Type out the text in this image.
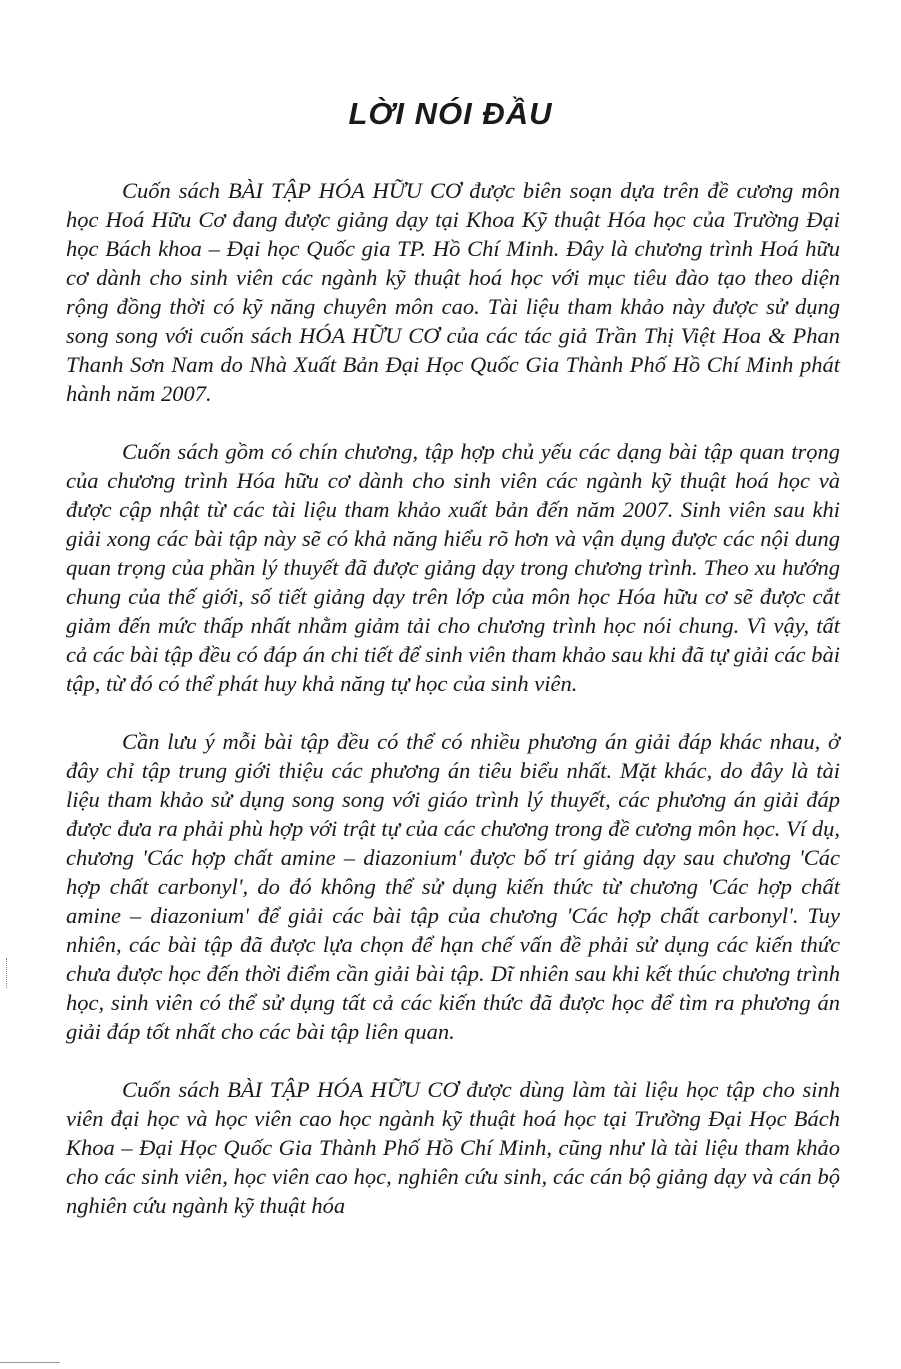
LỜI NÓI ĐẦU

Cuốn sách BÀI TẬP HÓA HỮU CƠ được biên soạn dựa trên đề cương môn học Hoá Hữu Cơ đang được giảng dạy tại Khoa Kỹ thuật Hóa học của Trường Đại học Bách khoa – Đại học Quốc gia TP. Hồ Chí Minh. Đây là chương trình Hoá hữu cơ dành cho sinh viên các ngành kỹ thuật hoá học với mục tiêu đào tạo theo diện rộng đồng thời có kỹ năng chuyên môn cao. Tài liệu tham khảo này được sử dụng song song với cuốn sách HÓA HỮU CƠ của các tác giả Trần Thị Việt Hoa & Phan Thanh Sơn Nam do Nhà Xuất Bản Đại Học Quốc Gia Thành Phố Hồ Chí Minh phát hành năm 2007.

Cuốn sách gồm có chín chương, tập hợp chủ yếu các dạng bài tập quan trọng của chương trình Hóa hữu cơ dành cho sinh viên các ngành kỹ thuật hoá học và được cập nhật từ các tài liệu tham khảo xuất bản đến năm 2007. Sinh viên sau khi giải xong các bài tập này sẽ có khả năng hiểu rõ hơn và vận dụng được các nội dung quan trọng của phần lý thuyết đã được giảng dạy trong chương trình. Theo xu hướng chung của thế giới, số tiết giảng dạy trên lớp của môn học Hóa hữu cơ sẽ được cắt giảm đến mức thấp nhất nhằm giảm tải cho chương trình học nói chung. Vì vậy, tất cả các bài tập đều có đáp án chi tiết để sinh viên tham khảo sau khi đã tự giải các bài tập, từ đó có thể phát huy khả năng tự học của sinh viên.

Cần lưu ý mỗi bài tập đều có thể có nhiều phương án giải đáp khác nhau, ở đây chỉ tập trung giới thiệu các phương án tiêu biểu nhất. Mặt khác, do đây là tài liệu tham khảo sử dụng song song với giáo trình lý thuyết, các phương án giải đáp được đưa ra phải phù hợp với trật tự của các chương trong đề cương môn học. Ví dụ, chương 'Các hợp chất amine – diazonium' được bố trí giảng dạy sau chương 'Các hợp chất carbonyl', do đó không thể sử dụng kiến thức từ chương 'Các hợp chất amine – diazonium' để giải các bài tập của chương 'Các hợp chất carbonyl'. Tuy nhiên, các bài tập đã được lựa chọn để hạn chế vấn đề phải sử dụng các kiến thức chưa được học đến thời điểm cần giải bài tập. Dĩ nhiên sau khi kết thúc chương trình học, sinh viên có thể sử dụng tất cả các kiến thức đã được học để tìm ra phương án giải đáp tốt nhất cho các bài tập liên quan.

Cuốn sách BÀI TẬP HÓA HỮU CƠ được dùng làm tài liệu học tập cho sinh viên đại học và học viên cao học ngành kỹ thuật hoá học tại Trường Đại Học Bách Khoa – Đại Học Quốc Gia Thành Phố Hồ Chí Minh, cũng như là tài liệu tham khảo cho các sinh viên, học viên cao học, nghiên cứu sinh, các cán bộ giảng dạy và cán bộ nghiên cứu ngành kỹ thuật hóa
